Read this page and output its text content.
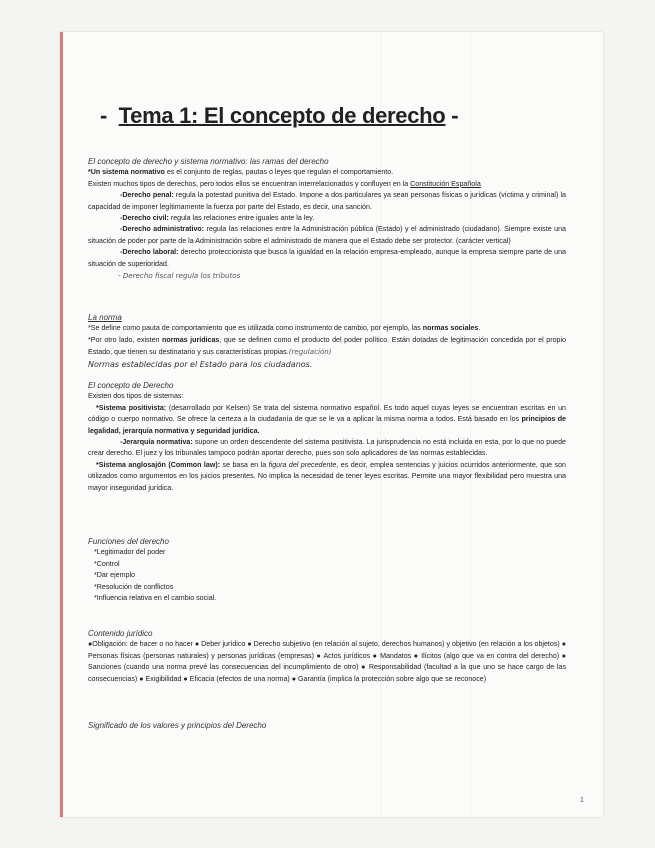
- Tema 1: El concepto de derecho -
El concepto de derecho y sistema normativo: las ramas del derecho
*Un sistema normativo es el conjunto de reglas, pautas o leyes que regulan el comportamiento.
Existen muchos tipos de derechos, pero todos ellos se encuentran interrelacionados y confluyen en la Constitución Española
-Derecho penal: regula la potestad punitiva del Estado. Impone a dos particulares ya sean personas físicas o jurídicas (víctima y criminal) la capacidad de imponer legítimamente la fuerza por parte del Estado, es decir, una sanción.
-Derecho civil: regula las relaciones entre iguales ante la ley.
-Derecho administrativo: regula las relaciones entre la Administración pública (Estado) y el administrado (ciudadano). Siempre existe una situación de poder por parte de la Administración sobre el administrado de manera que el Estado debe ser protector. (carácter vertical)
-Derecho laboral: derecho proteccionista que busca la igualdad en la relación empresa-empleado, aunque la empresa siempre parte de una situación de superioridad.
- Derecho fiscal regula los tributos
La norma
*Se define como pauta de comportamiento que es utilizada como instrumento de cambio, por ejemplo, las normas sociales.
*Por otro lado, existen normas jurídicas, que se definen como el producto del poder político. Están dotadas de legitimación concedida por el propio Estado, que tienen su destinatario y sus características propias.(regulación)
Normas establecidas por el Estado para los ciudadanos.
El concepto de Derecho
Existen dos tipos de sistemas:
*Sistema positivista: (desarrollado por Kelsen) Se trata del sistema normativo español. Es todo aquel cuyas leyes se encuentran escritas en un código o cuerpo normativo. Se ofrece la certeza a la ciudadanía de que se le va a aplicar la misma norma a todos. Está basado en los principios de legalidad, jerarquía normativa y seguridad jurídica.
-Jerarquía normativa: supone un orden descendente del sistema positivista. La jurisprudencia no está incluida en esta, por lo que no puede crear derecho. El juez y los tribunales tampoco podrán aportar derecho, pues son solo aplicadores de las normas establecidas.
*Sistema anglosajón (Common law): se basa en la figura del precedente, es decir, emplea sentencias y juicios ocurridos anteriormente, que son utilizados como argumentos en los juicios presentes. No implica la necesidad de tener leyes escritas. Permite una mayor flexibilidad pero muestra una mayor inseguridad jurídica.
Funciones del derecho
*Legitimador del poder
*Control
*Dar ejemplo
*Resolución de conflictos
*Influencia relativa en el cambio social.
Contenido jurídico
●Obligación: de hacer o no hacer ● Deber jurídico ● Derecho subjetivo (en relación al sujeto, derechos humanos) y objetivo (en relación a los objetos) ● Personas físicas (personas naturales) y personas jurídicas (empresas) ● Actos jurídicos ● Mandatos ● Ilícitos (algo que va en contra del derecho) ● Sanciones (cuando una norma prevé las consecuencias del incumplimiento de otro) ● Responsabilidad (facultad a la que uno se hace cargo de las consecuencias) ● Exigibilidad ● Eficacia (efectos de una norma) ● Garantía (implica la protección sobre algo que se reconoce)
Significado de los valores y principios del Derecho
1
